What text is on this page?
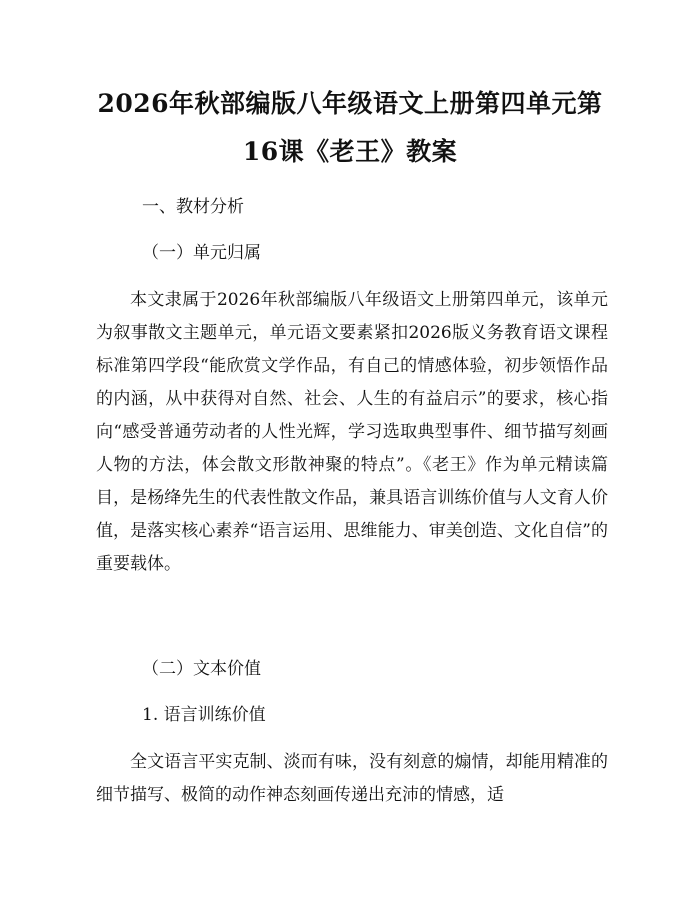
2026年秋部编版八年级语文上册第四单元第
16课《老王》教案
一、教材分析
（一）单元归属

本文隶属于2026年秋部编版八年级语文上册第四单元，该单元为叙事散文主题单元，单元语文要素紧扣2026版义务教育语文课程标准第四学段“能欣赏文学作品，有自己的情感体验，初步领悟作品的内涵，从中获得对自然、社会、人生的有益启示”的要求，核心指向“感受普通劳动者的人性光辉，学习选取典型事件、细节描写刻画人物的方法，体会散文形散神聚的特点”。《老王》作为单元精读篇目，是杨绛先生的代表性散文作品，兼具语言训练价值与人文育人价值，是落实核心素养“语言运用、思维能力、审美创造、文化自信”的重要载体。

（二）文本价值
1. 语言训练价值

全文语言平实克制、淡而有味，没有刻意的煽情，却能用精准的细节描写、极简的动作神态刻画传递出充沛的情感，适
